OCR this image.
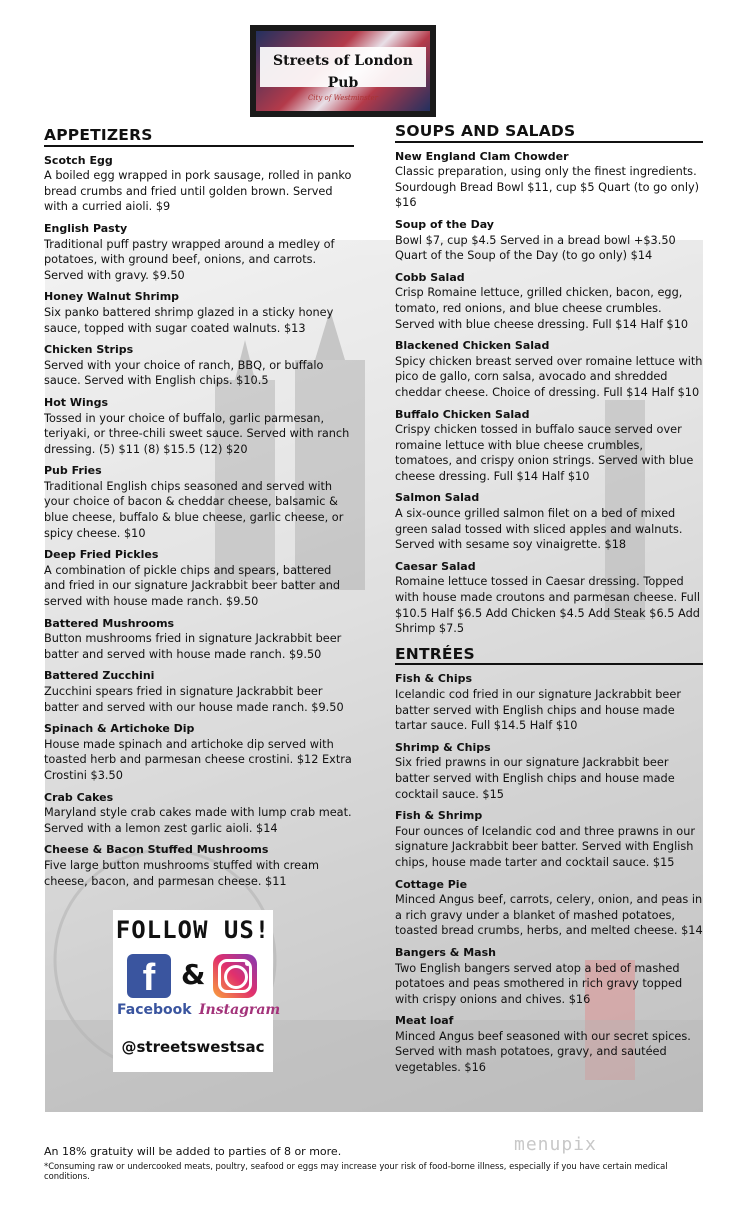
Streets of London Pub
City of Westminster
APPETIZERS
Scotch Egg
A boiled egg wrapped in pork sausage, rolled in panko bread crumbs and fried until golden brown. Served with a curried aioli. $9
English Pasty
Traditional puff pastry wrapped around a medley of potatoes, with ground beef, onions, and carrots. Served with gravy. $9.50
Honey Walnut Shrimp
Six panko battered shrimp glazed in a sticky honey sauce, topped with sugar coated walnuts. $13
Chicken Strips
Served with your choice of ranch, BBQ, or buffalo sauce. Served with English chips. $10.5
Hot Wings
Tossed in your choice of buffalo, garlic parmesan, teriyaki, or three-chili sweet sauce. Served with ranch dressing. (5) $11 (8) $15.5 (12) $20
Pub Fries
Traditional English chips seasoned and served with your choice of bacon & cheddar cheese, balsamic & blue cheese, buffalo & blue cheese, garlic cheese, or spicy cheese. $10
Deep Fried Pickles
A combination of pickle chips and spears, battered and fried in our signature Jackrabbit beer batter and served with house made ranch. $9.50
Battered Mushrooms
Button mushrooms fried in signature Jackrabbit beer batter and served with house made ranch. $9.50
Battered Zucchini
Zucchini spears fried in signature Jackrabbit beer batter and served with our house made ranch. $9.50
Spinach & Artichoke Dip
House made spinach and artichoke dip served with toasted herb and parmesan cheese crostini. $12 Extra Crostini $3.50
Crab Cakes
Maryland style crab cakes made with lump crab meat. Served with a lemon zest garlic aioli. $14
Cheese & Bacon Stuffed Mushrooms
Five large button mushrooms stuffed with cream cheese, bacon, and parmesan cheese. $11
SOUPS AND SALADS
New England Clam Chowder
Classic preparation, using only the finest ingredients. Sourdough Bread Bowl $11, cup $5 Quart (to go only) $16
Soup of the Day
Bowl $7, cup $4.5 Served in a bread bowl +$3.50 Quart of the Soup of the Day (to go only) $14
Cobb Salad
Crisp Romaine lettuce, grilled chicken, bacon, egg, tomato, red onions, and blue cheese crumbles. Served with blue cheese dressing. Full $14 Half $10
Blackened Chicken Salad
Spicy chicken breast served over romaine lettuce with pico de gallo, corn salsa, avocado and shredded cheddar cheese. Choice of dressing. Full $14 Half $10
Buffalo Chicken Salad
Crispy chicken tossed in buffalo sauce served over romaine lettuce with blue cheese crumbles, tomatoes, and crispy onion strings. Served with blue cheese dressing. Full $14 Half $10
Salmon Salad
A six-ounce grilled salmon filet on a bed of mixed green salad tossed with sliced apples and walnuts. Served with sesame soy vinaigrette. $18
Caesar Salad
Romaine lettuce tossed in Caesar dressing. Topped with house made croutons and parmesan cheese. Full $10.5 Half $6.5 Add Chicken $4.5 Add Steak $6.5 Add Shrimp $7.5
ENTRÉES
Fish & Chips
Icelandic cod fried in our signature Jackrabbit beer batter served with English chips and house made tartar sauce. Full $14.5 Half $10
Shrimp & Chips
Six fried prawns in our signature Jackrabbit beer batter served with English chips and house made cocktail sauce. $15
Fish & Shrimp
Four ounces of Icelandic cod and three prawns in our signature Jackrabbit beer batter. Served with English chips, house made tarter and cocktail sauce. $15
Cottage Pie
Minced Angus beef, carrots, celery, onion, and peas in a rich gravy under a blanket of mashed potatoes, toasted bread crumbs, herbs, and melted cheese. $14
Bangers & Mash
Two English bangers served atop a bed of mashed potatoes and peas smothered in rich gravy topped with crispy onions and chives. $16
Meat loaf
Minced Angus beef seasoned with our secret spices. Served with mash potatoes, gravy, and sautéed vegetables. $16
FOLLOW US!
f &
Facebook Instagram
@streetswestsac
An 18% gratuity will be added to parties of 8 or more.
*Consuming raw or undercooked meats, poultry, seafood or eggs may increase your risk of food-borne illness, especially if you have certain medical conditions.
menupix
